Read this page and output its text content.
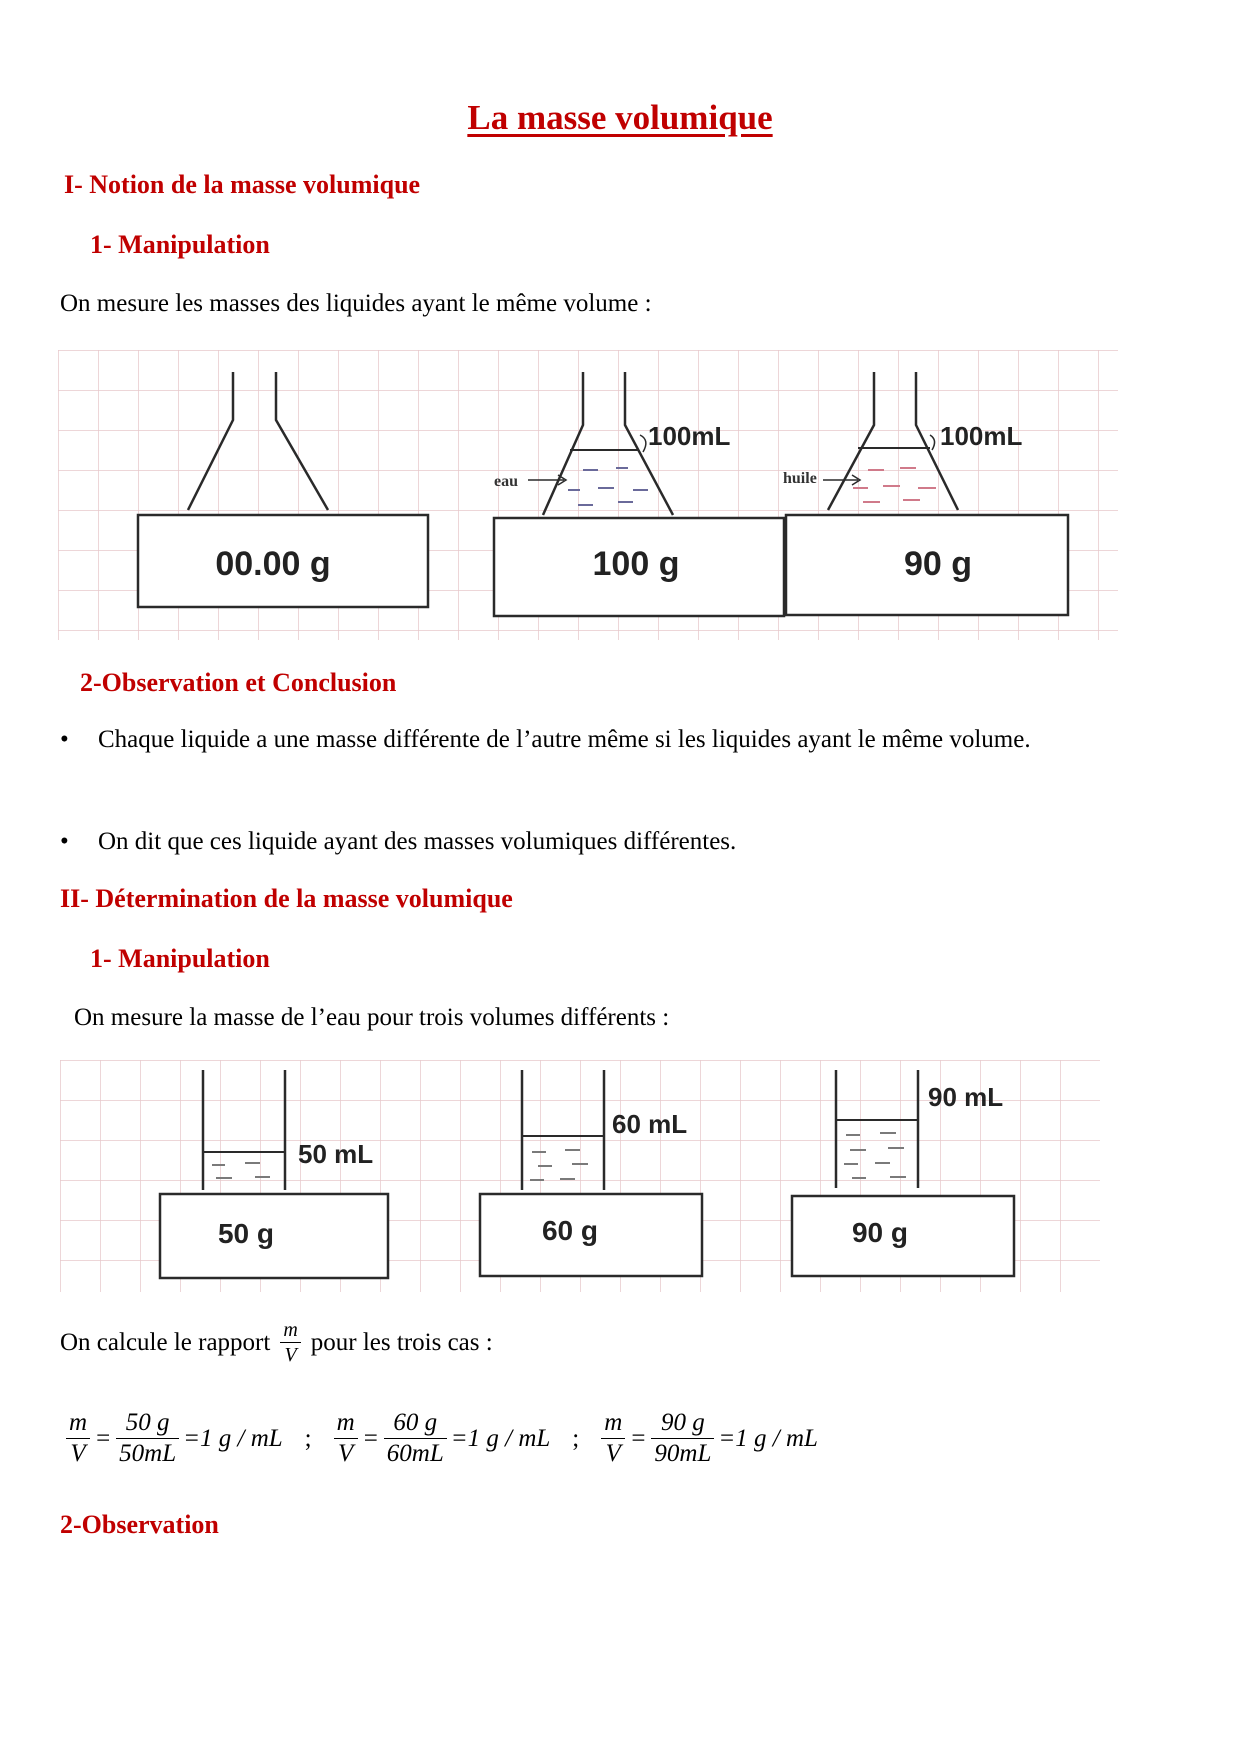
La masse volumique
I- Notion de la masse volumique
1- Manipulation
On mesure les masses des liquides ayant le même volume :
00.00 g
eau
100mL
100 g
huile
100mL
90 g
2-Observation et Conclusion
• Chaque liquide a une masse différente de l’autre même si les liquides ayant le même volume.
• On dit que ces liquide ayant des masses volumiques différentes.
II- Détermination de la masse volumique
1- Manipulation
On mesure la masse de l’eau pour trois volumes différents :
50 mL
50 g
60 mL
60 g
90 mL
90 g
On calcule le rapport $\frac{m}{V}$ pour les trois cas :
$\frac{m}{V} = \frac{50 g}{50mL} =1$ g / mL ; $\frac{m}{V} = \frac{60 g}{60mL} =1$ g / mL ; $\frac{m}{V} = \frac{90 g}{90mL} =1$ g / mL
2-Observation
